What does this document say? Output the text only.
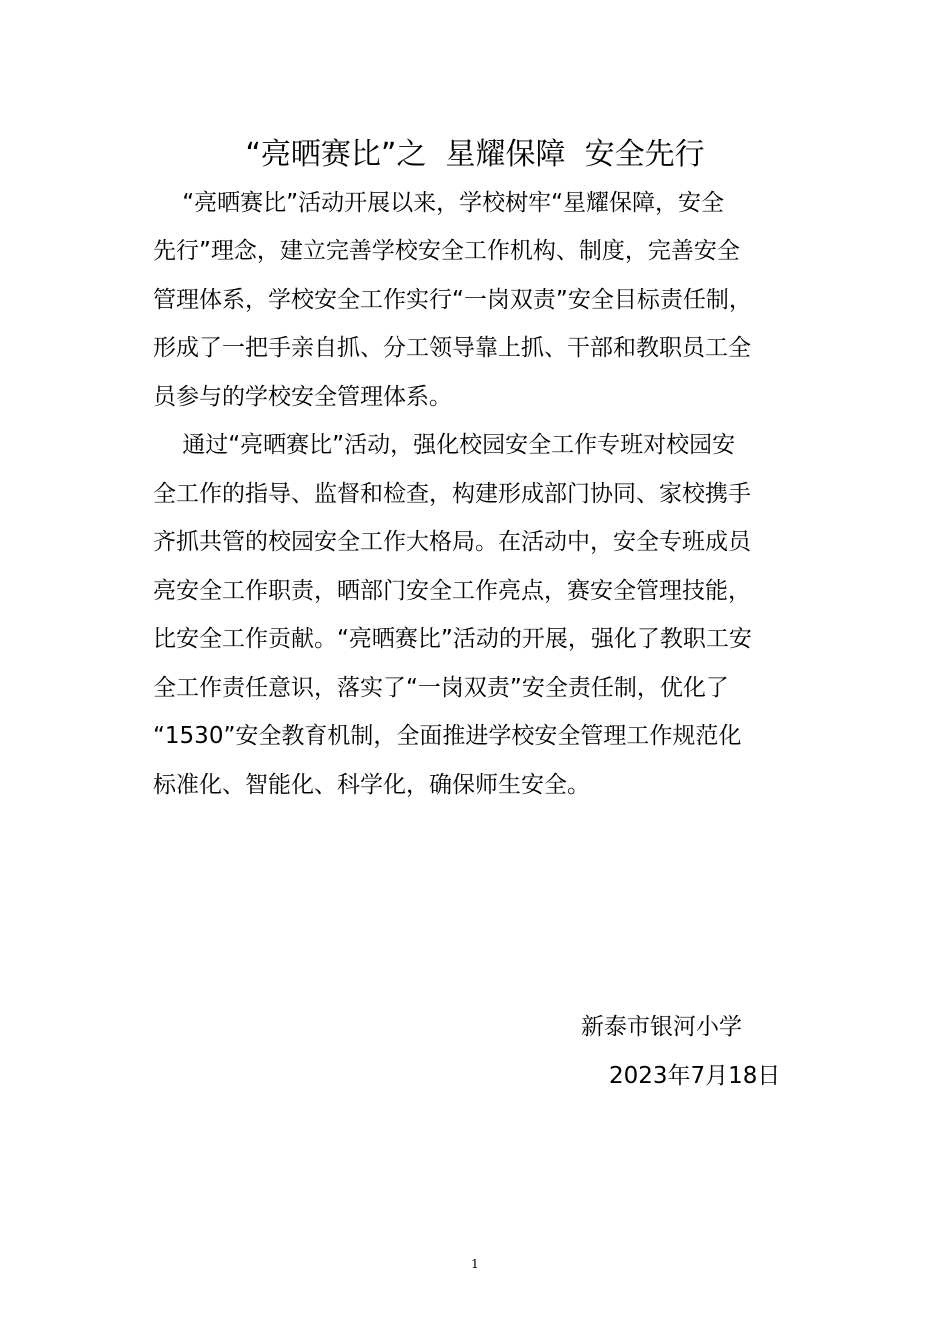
“亮晒赛比”之  星耀保障  安全先行

“亮晒赛比”活动开展以来，学校树牢“星耀保障，安全

先行”理念，建立完善学校安全工作机构、制度，完善安全

管理体系，学校安全工作实行“一岗双责”安全目标责任制，

形成了一把手亲自抓、分工领导靠上抓、干部和教职员工全

员参与的学校安全管理体系。

通过“亮晒赛比”活动，强化校园安全工作专班对校园安

全工作的指导、监督和检查，构建形成部门协同、家校携手

齐抓共管的校园安全工作大格局。在活动中，安全专班成员

亮安全工作职责，晒部门安全工作亮点，赛安全管理技能，

比安全工作贡献。“亮晒赛比”活动的开展，强化了教职工安

全工作责任意识，落实了“一岗双责”安全责任制，优化了

“1530”安全教育机制，全面推进学校安全管理工作规范化

标准化、智能化、科学化，确保师生安全。

新泰市银河小学
2023年7月18日
1
